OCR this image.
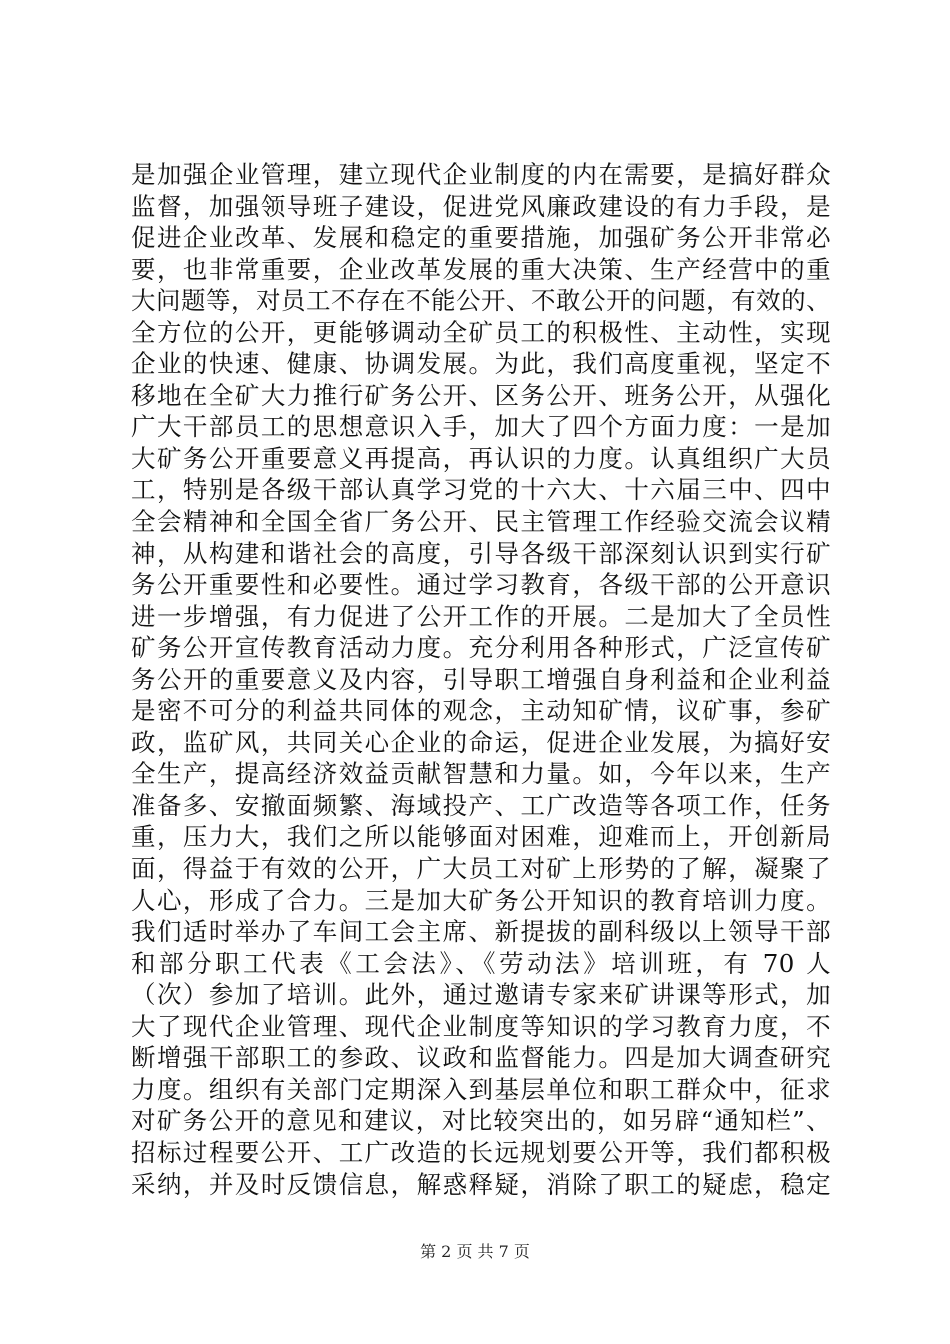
是加强企业管理，建立现代企业制度的内在需要，是搞好群众
监督，加强领导班子建设，促进党风廉政建设的有力手段，是
促进企业改革、发展和稳定的重要措施，加强矿务公开非常必
要，也非常重要，企业改革发展的重大决策、生产经营中的重
大问题等，对员工不存在不能公开、不敢公开的问题，有效的、
全方位的公开，更能够调动全矿员工的积极性、主动性，实现
企业的快速、健康、协调发展。为此，我们高度重视，坚定不
移地在全矿大力推行矿务公开、区务公开、班务公开，从强化
广大干部员工的思想意识入手，加大了四个方面力度：一是加
大矿务公开重要意义再提高，再认识的力度。认真组织广大员
工，特别是各级干部认真学习党的十六大、十六届三中、四中
全会精神和全国全省厂务公开、民主管理工作经验交流会议精
神，从构建和谐社会的高度，引导各级干部深刻认识到实行矿
务公开重要性和必要性。通过学习教育，各级干部的公开意识
进一步增强，有力促进了公开工作的开展。二是加大了全员性
矿务公开宣传教育活动力度。充分利用各种形式，广泛宣传矿
务公开的重要意义及内容，引导职工增强自身利益和企业利益
是密不可分的利益共同体的观念，主动知矿情，议矿事，参矿
政，监矿风，共同关心企业的命运，促进企业发展，为搞好安
全生产，提高经济效益贡献智慧和力量。如，今年以来，生产
准备多、安撤面频繁、海域投产、工广改造等各项工作，任务
重，压力大，我们之所以能够面对困难，迎难而上，开创新局
面，得益于有效的公开，广大员工对矿上形势的了解，凝聚了
人心，形成了合力。三是加大矿务公开知识的教育培训力度。
我们适时举办了车间工会主席、新提拔的副科级以上领导干部
和部分职工代表《工会法》、《劳动法》培训班，有 70 人
（次）参加了培训。此外，通过邀请专家来矿讲课等形式，加
大了现代企业管理、现代企业制度等知识的学习教育力度，不
断增强干部职工的参政、议政和监督能力。四是加大调查研究
力度。组织有关部门定期深入到基层单位和职工群众中，征求
对矿务公开的意见和建议，对比较突出的，如另辟“通知栏”、
招标过程要公开、工广改造的长远规划要公开等，我们都积极
采纳，并及时反馈信息，解惑释疑，消除了职工的疑虑，稳定
第 2 页 共 7 页
